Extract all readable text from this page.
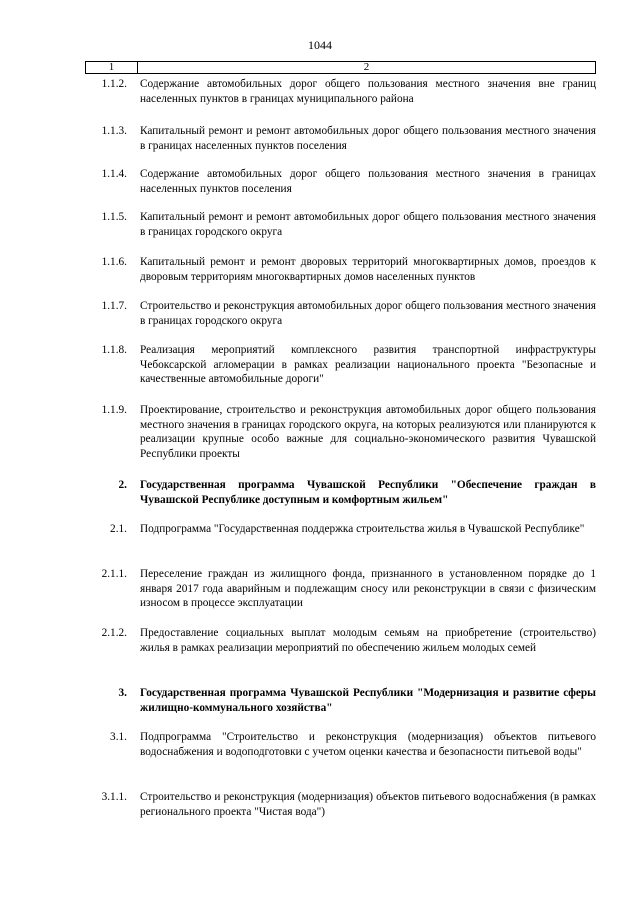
1044
1	2
1.1.2. Содержание автомобильных дорог общего пользования местного значения вне границ населенных пунктов в границах муниципального района
1.1.3. Капитальный ремонт и ремонт автомобильных дорог общего пользования местного значения в границах населенных пунктов поселения
1.1.4. Содержание автомобильных дорог общего пользования местного значения в границах населенных пунктов поселения
1.1.5. Капитальный ремонт и ремонт автомобильных дорог общего пользования местного значения в границах городского округа
1.1.6. Капитальный ремонт и ремонт дворовых территорий многоквартирных домов, проездов к дворовым территориям многоквартирных домов населенных пунктов
1.1.7. Строительство и реконструкция автомобильных дорог общего пользования местного значения в границах городского округа
1.1.8. Реализация мероприятий комплексного развития транспортной инфраструктуры Чебоксарской агломерации в рамках реализации национального проекта "Безопасные и качественные автомобильные дороги"
1.1.9. Проектирование, строительство и реконструкция автомобильных дорог общего пользования местного значения в границах городского округа, на которых реализуются или планируются к реализации крупные особо важные для социально-экономического развития Чувашской Республики проекты
2. Государственная программа Чувашской Республики "Обеспечение граждан в Чувашской Республике доступным и комфортным жильем"
2.1. Подпрограмма "Государственная поддержка строительства жилья в Чувашской Республике"
2.1.1. Переселение граждан из жилищного фонда, признанного в установленном порядке до 1 января 2017 года аварийным и подлежащим сносу или реконструкции в связи с физическим износом в процессе эксплуатации
2.1.2. Предоставление социальных выплат молодым семьям на приобретение (строительство) жилья в рамках реализации мероприятий по обеспечению жильем молодых семей
3. Государственная программа Чувашской Республики "Модернизация и развитие сферы жилищно-коммунального хозяйства"
3.1. Подпрограмма "Строительство и реконструкция (модернизация) объектов питьевого водоснабжения и водоподготовки с учетом оценки качества и безопасности питьевой воды"
3.1.1. Строительство и реконструкция (модернизация) объектов питьевого водоснабжения (в рамках регионального проекта "Чистая вода")
